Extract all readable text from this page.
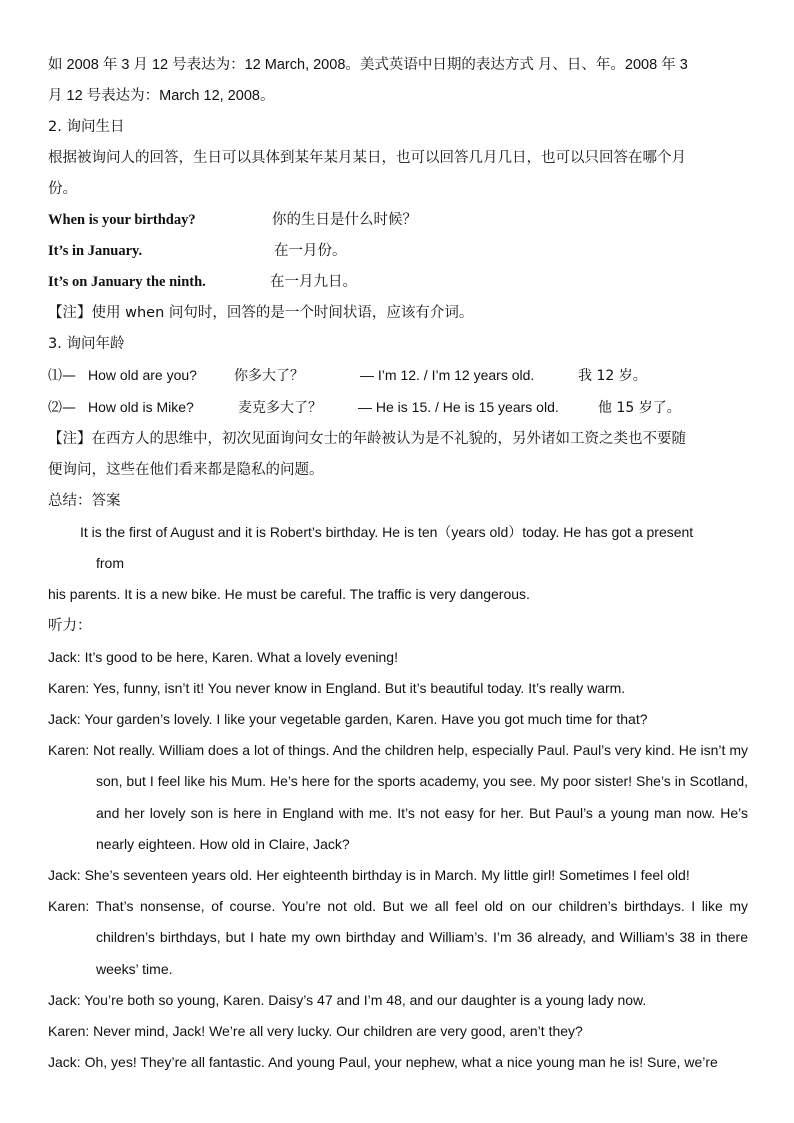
如 2008 年 3 月 12 号表达为：12 March, 2008。美式英语中日期的表达方式 月、日、年。2008 年 3

月 12 号表达为：March 12, 2008。

2. 询问生日

根据被询问人的回答，生日可以具体到某年某月某日，也可以回答几月几日，也可以只回答在哪个月

份。

When is your birthday?	你的生日是什么时候？
It’s in January.	在一月份。
It’s on January the ninth.	在一月九日。

【注】使用 when 问句时，回答的是一个时间状语，应该有介词。

3. 询问年龄

⑴— How old are you?	你多大了？	— I’m 12. / I’m 12 years old.	我 12 岁。
⑵— How old is Mike?	麦克多大了？	— He is 15. / He is 15 years old.	他 15 岁了。

【注】在西方人的思维中，初次见面询问女士的年龄被认为是不礼貌的，另外诸如工资之类也不要随

便询问，这些在他们看来都是隐私的问题。

总结：答案

It is the first of August and it is Robert’s birthday. He is ten（years old）today. He has got a present

from

his parents. It is a new bike. He must be careful. The traffic is very dangerous.

听力：

Jack: It’s good to be here, Karen. What a lovely evening!

Karen: Yes, funny, isn’t it! You never know in England. But it’s beautiful today. It’s really warm.

Jack: Your garden’s lovely. I like your vegetable garden, Karen. Have you got much time for that?

Karen: Not really. William does a lot of things. And the children help, especially Paul. Paul’s very kind. He isn’t my son, but I feel like his Mum. He’s here for the sports academy, you see. My poor sister! She’s in Scotland, and her lovely son is here in England with me. It’s not easy for her. But Paul’s a young man now. He’s nearly eighteen. How old in Claire, Jack?

Jack: She’s seventeen years old. Her eighteenth birthday is in March. My little girl! Sometimes I feel old!

Karen: That’s nonsense, of course. You’re not old. But we all feel old on our children’s birthdays. I like my children’s birthdays, but I hate my own birthday and William’s. I’m 36 already, and William’s 38 in there weeks’ time.

Jack: You’re both so young, Karen. Daisy’s 47 and I’m 48, and our daughter is a young lady now.

Karen: Never mind, Jack! We’re all very lucky. Our children are very good, aren’t they?

Jack: Oh, yes! They’re all fantastic. And young Paul, your nephew, what a nice young man he is! Sure, we’re
